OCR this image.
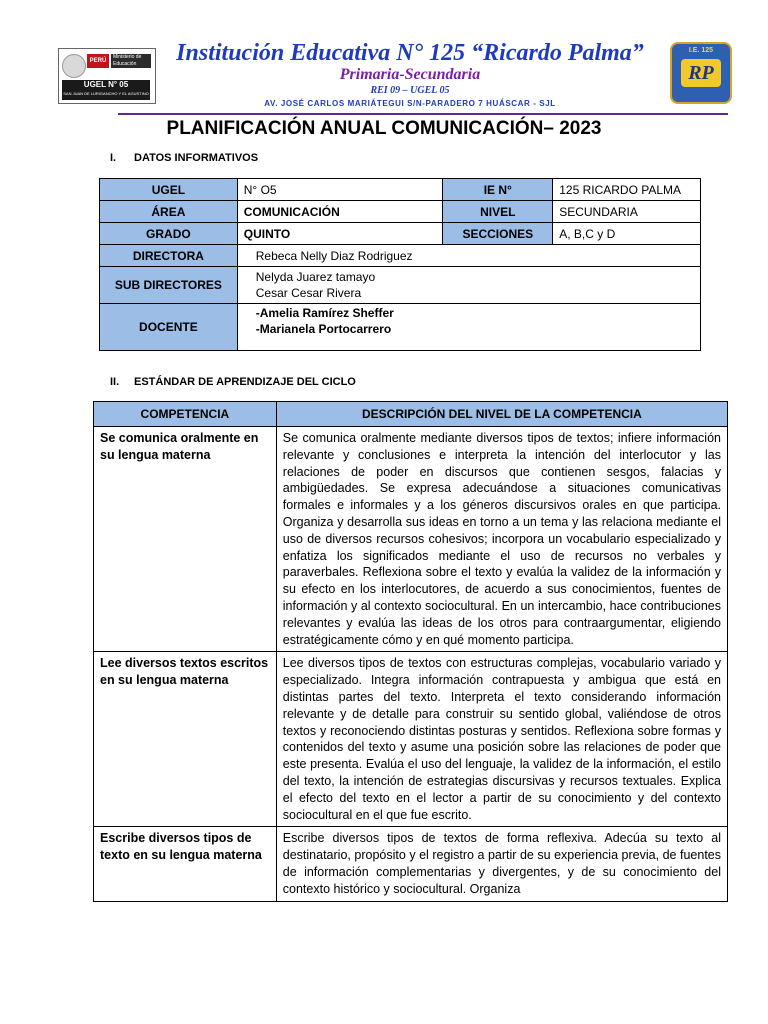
PERÚ
Ministerio de Educación
UGEL N° 05
SAN JUAN DE LURIGANCHO Y EL AGUSTINO
Institución Educativa N° 125 “Ricardo Palma”
Primaria-Secundaria
REI 09 – UGEL 05
AV. JOSÉ CARLOS MARIÁTEGUI S/N-PARADERO 7 HUÁSCAR - SJL
I.E. 125
RP
PLANIFICACIÓN ANUAL COMUNICACIÓN– 2023
I. DATOS INFORMATIVOS
UGEL	N° O5	IE N°	125 RICARDO PALMA
ÁREA	COMUNICACIÓN	NIVEL	SECUNDARIA
GRADO	QUINTO	SECCIONES	A, B,C y D
DIRECTORA	Rebeca Nelly Diaz Rodriguez		
SUB DIRECTORES	Nelyda Juarez tamayo
Cesar Cesar Rivera		

DOCENTE	-Amelia Ramírez Sheffer
-Marianela Portocarrero		
II. ESTÁNDAR DE APRENDIZAJE DEL CICLO
COMPETENCIA	DESCRIPCIÓN DEL NIVEL DE LA COMPETENCIA
Se comunica oralmente en su lengua materna	Se comunica oralmente mediante diversos tipos de textos; infiere información relevante y conclusiones e interpreta la intención del interlocutor y las relaciones de poder en discursos que contienen sesgos, falacias y ambigüedades. Se expresa adecuándose a situaciones comunicativas formales e informales y a los géneros discursivos orales en que participa. Organiza y desarrolla sus ideas en torno a un tema y las relaciona mediante el uso de diversos recursos cohesivos; incorpora un vocabulario especializado y enfatiza los significados mediante el uso de recursos no verbales y paraverbales. Reflexiona sobre el texto y evalúa la validez de la información y su efecto en los interlocutores, de acuerdo a sus conocimientos, fuentes de información y al contexto sociocultural. En un intercambio, hace contribuciones relevantes y evalúa las ideas de los otros para contraargumentar, eligiendo estratégicamente cómo y en qué momento participa.
Lee diversos textos escritos en su lengua materna	Lee diversos tipos de textos con estructuras complejas, vocabulario variado y especializado. Integra información contrapuesta y ambigua que está en distintas partes del texto. Interpreta el texto considerando información relevante y de detalle para construir su sentido global, valiéndose de otros textos y reconociendo distintas posturas y sentidos. Reflexiona sobre formas y contenidos del texto y asume una posición sobre las relaciones de poder que este presenta. Evalúa el uso del lenguaje, la validez de la información, el estilo del texto, la intención de estrategias discursivas y recursos textuales. Explica el efecto del texto en el lector a partir de su conocimiento y del contexto sociocultural en el que fue escrito.
Escribe diversos tipos de texto en su lengua materna	Escribe diversos tipos de textos de forma reflexiva. Adecúa su texto al destinatario, propósito y el registro a partir de su experiencia previa, de fuentes de información complementarias y divergentes, y de su conocimiento del contexto histórico y sociocultural. Organiza
